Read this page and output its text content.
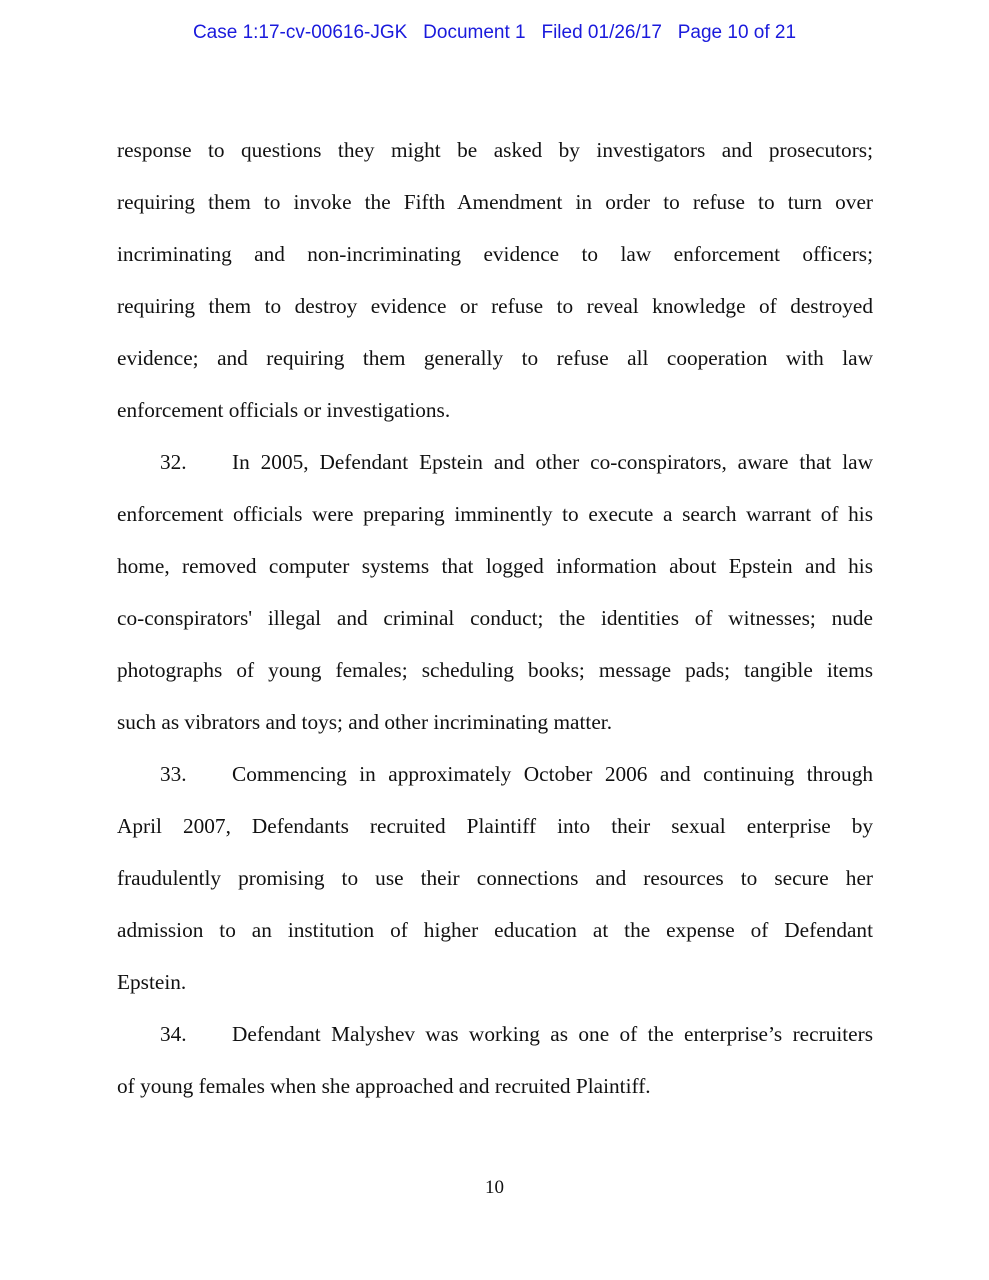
Case 1:17-cv-00616-JGK Document 1 Filed 01/26/17 Page 10 of 21
response to questions they might be asked by investigators and prosecutors;
requiring them to invoke the Fifth Amendment in order to refuse to turn over
incriminating and non-incriminating evidence to law enforcement officers;
requiring them to destroy evidence or refuse to reveal knowledge of destroyed
evidence; and requiring them generally to refuse all cooperation with law
enforcement officials or investigations.
32.	In 2005, Defendant Epstein and other co-conspirators, aware that law
enforcement officials were preparing imminently to execute a search warrant of his
home, removed computer systems that logged information about Epstein and his
co-conspirators' illegal and criminal conduct; the identities of witnesses; nude
photographs of young females; scheduling books; message pads; tangible items
such as vibrators and toys; and other incriminating matter.
33.	Commencing in approximately October 2006 and continuing through
April 2007, Defendants recruited Plaintiff into their sexual enterprise by
fraudulently promising to use their connections and resources to secure her
admission to an institution of higher education at the expense of Defendant
Epstein.
34.	Defendant Malyshev was working as one of the enterprise’s recruiters
of young females when she approached and recruited Plaintiff.
10
